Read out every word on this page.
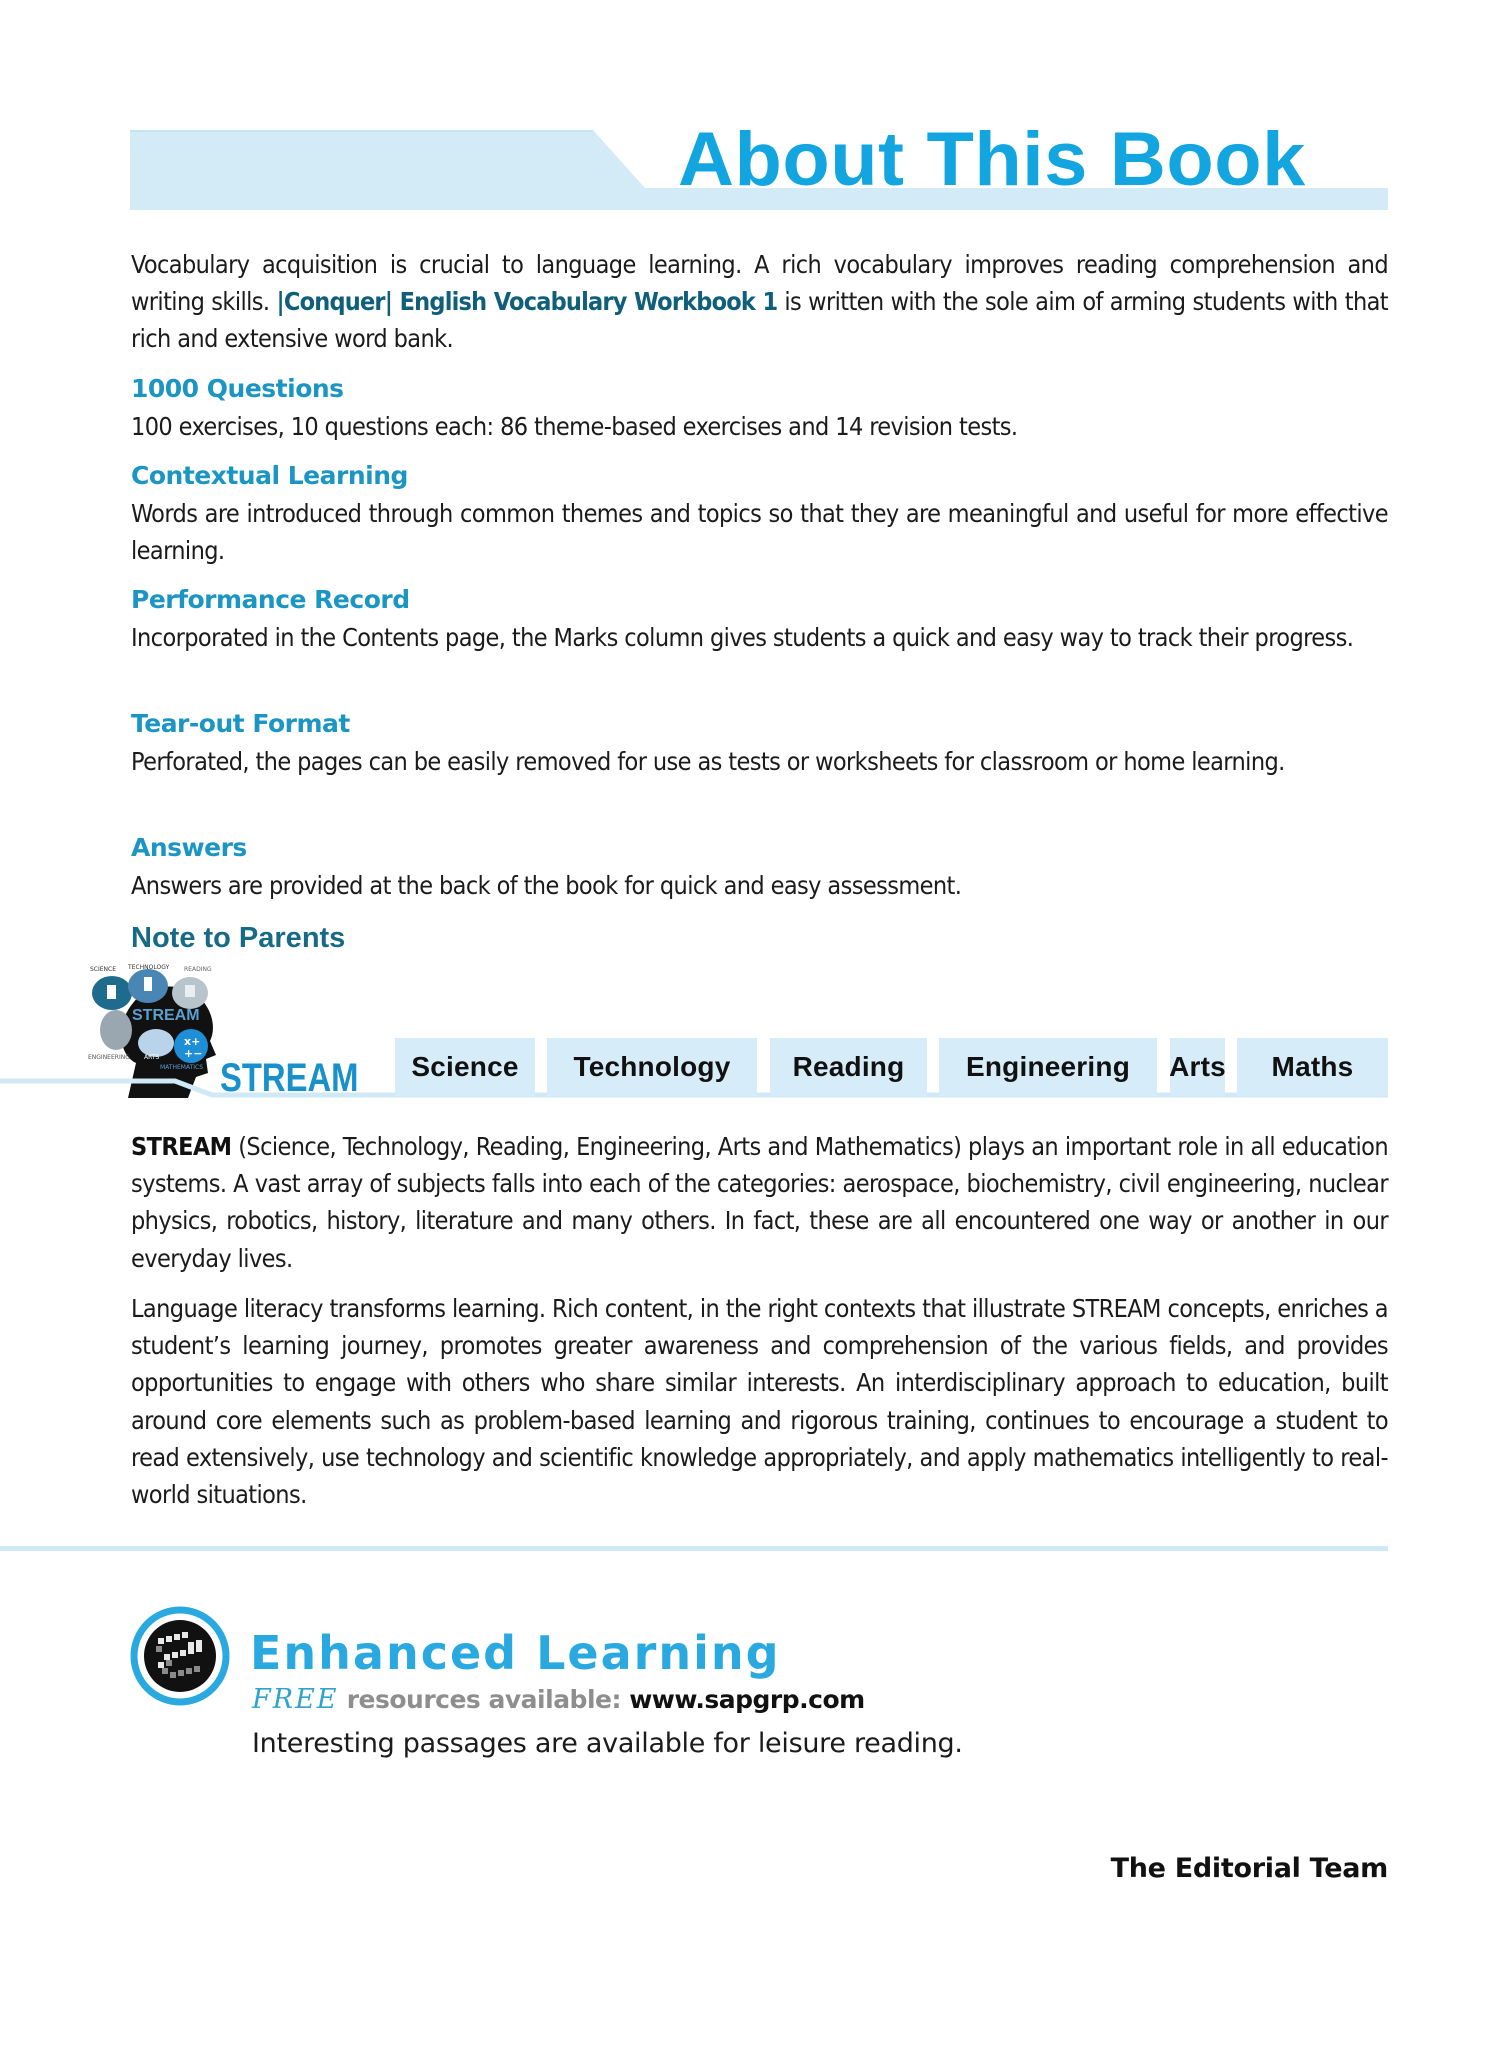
About This Book
Vocabulary acquisition is crucial to language learning. A rich vocabulary improves reading comprehension and writing skills. |Conquer| English Vocabulary Workbook 1 is written with the sole aim of arming students with that rich and extensive word bank.
1000 Questions
100 exercises, 10 questions each: 86 theme-based exercises and 14 revision tests.
Contextual Learning
Words are introduced through common themes and topics so that they are meaningful and useful for more effective learning.
Performance Record
Incorporated in the Contents page, the Marks column gives students a quick and easy way to track their progress.
Tear-out Format
Perforated, the pages can be easily removed for use as tests or worksheets for classroom or home learning.
Answers
Answers are provided at the back of the book for quick and easy assessment.
Note to Parents
x+
+−
STREAM
SCIENCE TECHNOLOGY READING
ENGINEERING ARTS
MATHEMATICS STREAM	Science	Technology	Reading	Engineering	Arts	Maths
STREAM (Science, Technology, Reading, Engineering, Arts and Mathematics) plays an important role in all education systems. A vast array of subjects falls into each of the categories: aerospace, biochemistry, civil engineering, nuclear physics, robotics, history, literature and many others. In fact, these are all encountered one way or another in our everyday lives.
Language literacy transforms learning. Rich content, in the right contexts that illustrate STREAM concepts, enriches a student’s learning journey, promotes greater awareness and comprehension of the various fields, and provides opportunities to engage with others who share similar interests. An interdisciplinary approach to education, built around core elements such as problem-based learning and rigorous training, continues to encourage a student to read extensively, use technology and scientific knowledge appropriately, and apply mathematics intelligently to real-world situations.
Enhanced Learning
FREE resources available: www.sapgrp.com
Interesting passages are available for leisure reading.
The Editorial Team
